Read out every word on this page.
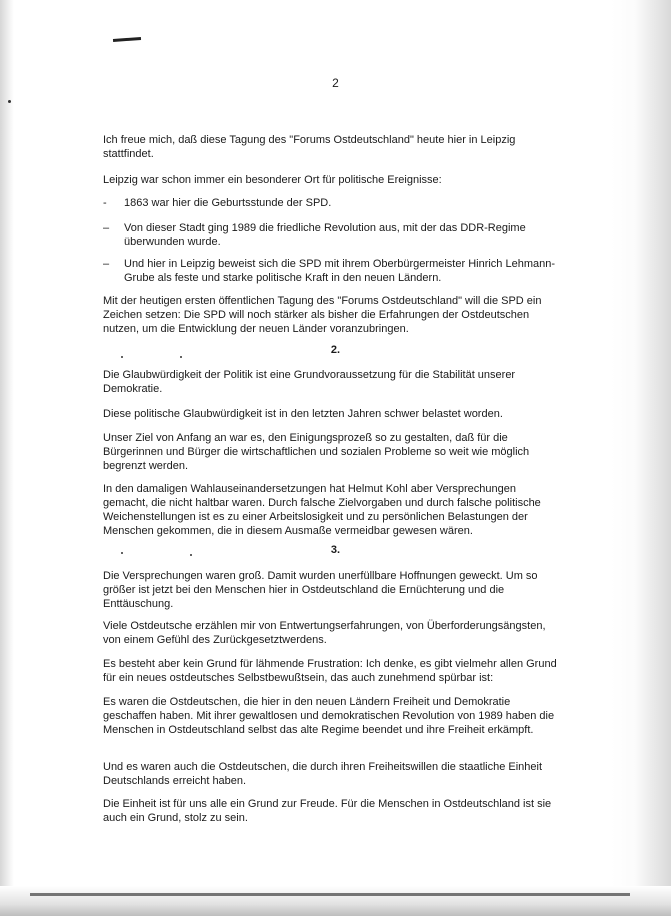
2
Ich freue mich, daß diese Tagung des "Forums Ostdeutschland" heute hier in Leipzig stattfindet.
Leipzig war schon immer ein besonderer Ort für politische Ereignisse:
- 1863 war hier die Geburtsstunde der SPD.
– Von dieser Stadt ging 1989 die friedliche Revolution aus, mit der das DDR-Regime überwunden wurde.
– Und hier in Leipzig beweist sich die SPD mit ihrem Oberbürgermeister Hinrich Lehmann-Grube als feste und starke politische Kraft in den neuen Ländern.
Mit der heutigen ersten öffentlichen Tagung des "Forums Ostdeutschland" will die SPD ein Zeichen setzen: Die SPD will noch stärker als bisher die Erfahrungen der Ostdeutschen nutzen, um die Entwicklung der neuen Länder voranzubringen.
2.
Die Glaubwürdigkeit der Politik ist eine Grundvoraussetzung für die Stabilität unserer Demokratie.
Diese politische Glaubwürdigkeit ist in den letzten Jahren schwer belastet worden.
Unser Ziel von Anfang an war es, den Einigungsprozeß so zu gestalten, daß für die Bürgerinnen und Bürger die wirtschaftlichen und sozialen Probleme so weit wie möglich begrenzt werden.
In den damaligen Wahlauseinandersetzungen hat Helmut Kohl aber Versprechungen gemacht, die nicht haltbar waren. Durch falsche Zielvorgaben und durch falsche politische Weichenstellungen ist es zu einer Arbeitslosigkeit und zu persönlichen Belastungen der Menschen gekommen, die in diesem Ausmaße vermeidbar gewesen wären.
3.
Die Versprechungen waren groß. Damit wurden unerfüllbare Hoffnungen geweckt. Um so größer ist jetzt bei den Menschen hier in Ostdeutschland die Ernüchterung und die Enttäuschung.
Viele Ostdeutsche erzählen mir von Entwertungserfahrungen, von Überforderungsängsten, von einem Gefühl des Zurückgesetztwerdens.
Es besteht aber kein Grund für lähmende Frustration: Ich denke, es gibt vielmehr allen Grund für ein neues ostdeutsches Selbstbewußtsein, das auch zunehmend spürbar ist:
Es waren die Ostdeutschen, die hier in den neuen Ländern Freiheit und Demokratie geschaffen haben. Mit ihrer gewaltlosen und demokratischen Revolution von 1989 haben die Menschen in Ostdeutschland selbst das alte Regime beendet und ihre Freiheit erkämpft.
Und es waren auch die Ostdeutschen, die durch ihren Freiheitswillen die staatliche Einheit Deutschlands erreicht haben.
Die Einheit ist für uns alle ein Grund zur Freude. Für die Menschen in Ostdeutschland ist sie auch ein Grund, stolz zu sein.
